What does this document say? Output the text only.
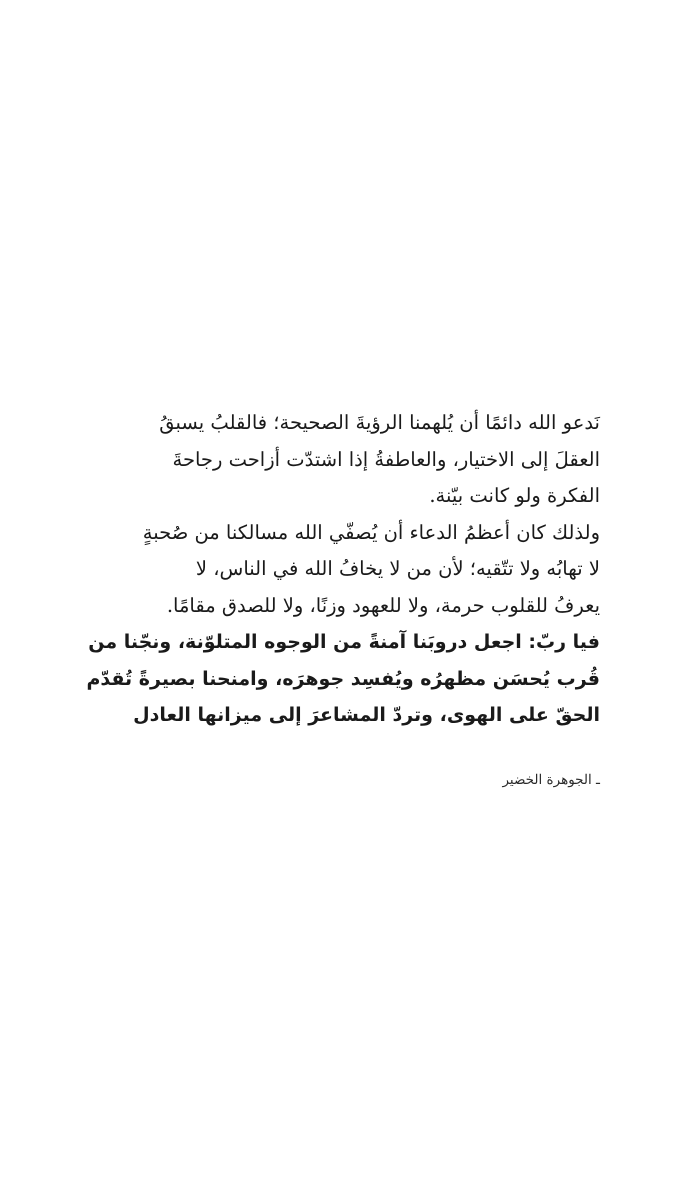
نَدعو الله دائمًا أن يُلهمنا الرؤيةَ الصحيحة؛ فالقلبُ يسبقُ
العقلَ إلى الاختيار، والعاطفةُ إذا اشتدّت أزاحت رجاحةَ
الفكرة ولو كانت بيّنة.
ولذلك كان أعظمُ الدعاء أن يُصفّي الله مسالكنا من صُحبةٍ
لا تهابُه ولا تتّقيه؛ لأن من لا يخافُ الله في الناس، لا
يعرفُ للقلوب حرمة، ولا للعهود وزنًا، ولا للصدق مقامًا.
فيا ربّ: اجعل دروبَنا آمنةً من الوجوه المتلوّنة، ونجّنا من
قُرب يُحسَن مظهرُه ويُفسِد جوهرَه، وامنحنا بصيرةً تُقدّم
الحقّ على الهوى، وتردّ المشاعرَ إلى ميزانها العادل
ـ الجوهرة الخضير
